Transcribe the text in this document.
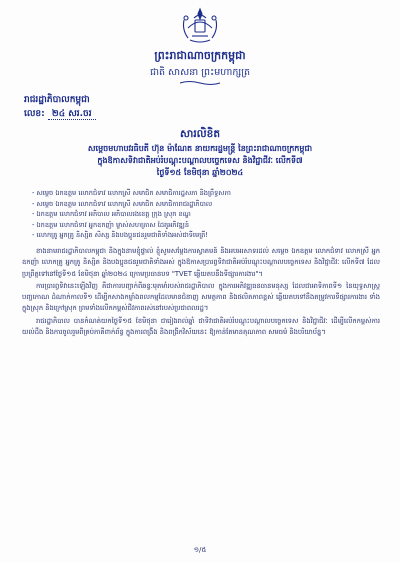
ព្រះរាជាណាចក្រកម្ពុជា
ជាតិ សាសនា ព្រះមហាក្សត្រ
រាជរដ្ឋាភិបាលកម្ពុជា
លេខ: ២៤ សរ.ចរ
សារលិខិត
សម្ដេចមហាបវរធិបតី ហ៊ុន ម៉ាណែត នាយករដ្ឋមន្ត្រី នៃព្រះរាជាណាចក្រកម្ពុជា
ក្នុងឱកាសទិវាជាតិអប់រំបណ្តុះបណ្តាលបច្ចេកទេស និងវិជ្ជាជីវៈ លើកទី៧
ថ្ងៃទី១៥ ខែមិថុនា ឆ្នាំ២០២៤
- សម្ដេច ឯកឧត្តម លោកជំទាវ លោកស្រី សមាជិក សមាជិការដ្ឋសភា និងព្រឹទ្ធសភា
- សម្ដេច ឯកឧត្តម លោកជំទាវ លោកស្រី សមាជិក សមាជិការាជរដ្ឋាភិបាល
- ឯកឧត្តម លោកជំទាវ អភិបាល អភិបាលរងខេត្ត ក្រុង ស្រុក ខណ្ឌ
- ឯកឧត្តម លោកជំទាវ អ្នកឧកញ៉ា ម្ចាស់សហគ្រាស ដៃគូអភិវឌ្ឍន៍
- លោកគ្រូ អ្នកគ្រូ និស្សិត សិស្ស និងបងប្អូនជនរួមជាតិទាំងអស់ជាទីមេត្រី!

ខាងនាមរាជរដ្ឋាភិបាលកម្ពុជា និងក្នុងនាមខ្ញុំផ្ទាល់ ខ្ញុំសូមសម្ដែងការស្វាគមន៍ និងអបអរសាទរដល់ សម្ដេច ឯកឧត្តម លោកជំទាវ លោកស្រី អ្នកឧកញ៉ា លោកគ្រូ អ្នកគ្រូ និស្សិត និងបងប្អូនជនរួមជាតិទាំងអស់ ក្នុងឱកាសប្រារព្ធទិវាជាតិអប់រំបណ្តុះបណ្តាលបច្ចេកទេស និងវិជ្ជាជីវៈ លើកទី៧ ដែលប្រព្រឹត្តទៅនៅថ្ងៃទី១៥ ខែមិថុនា ឆ្នាំ២០២៤ ក្រោមប្រធានបទ "TVET ឆ្លើយតបនឹងទីផ្សារការងារ"។

ការប្រារព្ធទិវានេះឡើងវិញ គឺជាការបញ្ជាក់ពីឆន្ទៈមុតមាំរបស់រាជរដ្ឋាភិបាល ក្នុងការអភិវឌ្ឍធនធានមនុស្ស ដែលជាអាទិភាពទី១ នៃយុទ្ធសាស្ត្របញ្ចកោណ ដំណាក់កាលទី១ ដើម្បីកសាងកម្លាំងពលកម្មដែលមានជំនាញ សមត្ថភាព និងផលិតភាពខ្ពស់ ឆ្លើយតបទៅនឹងតម្រូវការទីផ្សារការងារ ទាំងក្នុងស្រុក និងក្រៅស្រុក ព្រមទាំងលើកកម្ពស់ជីវភាពរស់នៅរបស់ប្រជាពលរដ្ឋ។

រាជរដ្ឋាភិបាល បានកំណត់យកថ្ងៃទី១៥ ខែមិថុនា ជារៀងរាល់ឆ្នាំ ជាទិវាជាតិអប់រំបណ្តុះបណ្តាលបច្ចេកទេស និងវិជ្ជាជីវៈ ដើម្បីលើកកម្ពស់ការយល់ដឹង និងការចូលរួមពីគ្រប់ភាគីពាក់ព័ន្ធ ក្នុងការពង្រឹង និងពង្រីកវិស័យនេះ ឱ្យកាន់តែមានគុណភាព សមធម៌ និងបរិយាប័ន្ន។

១/៥
